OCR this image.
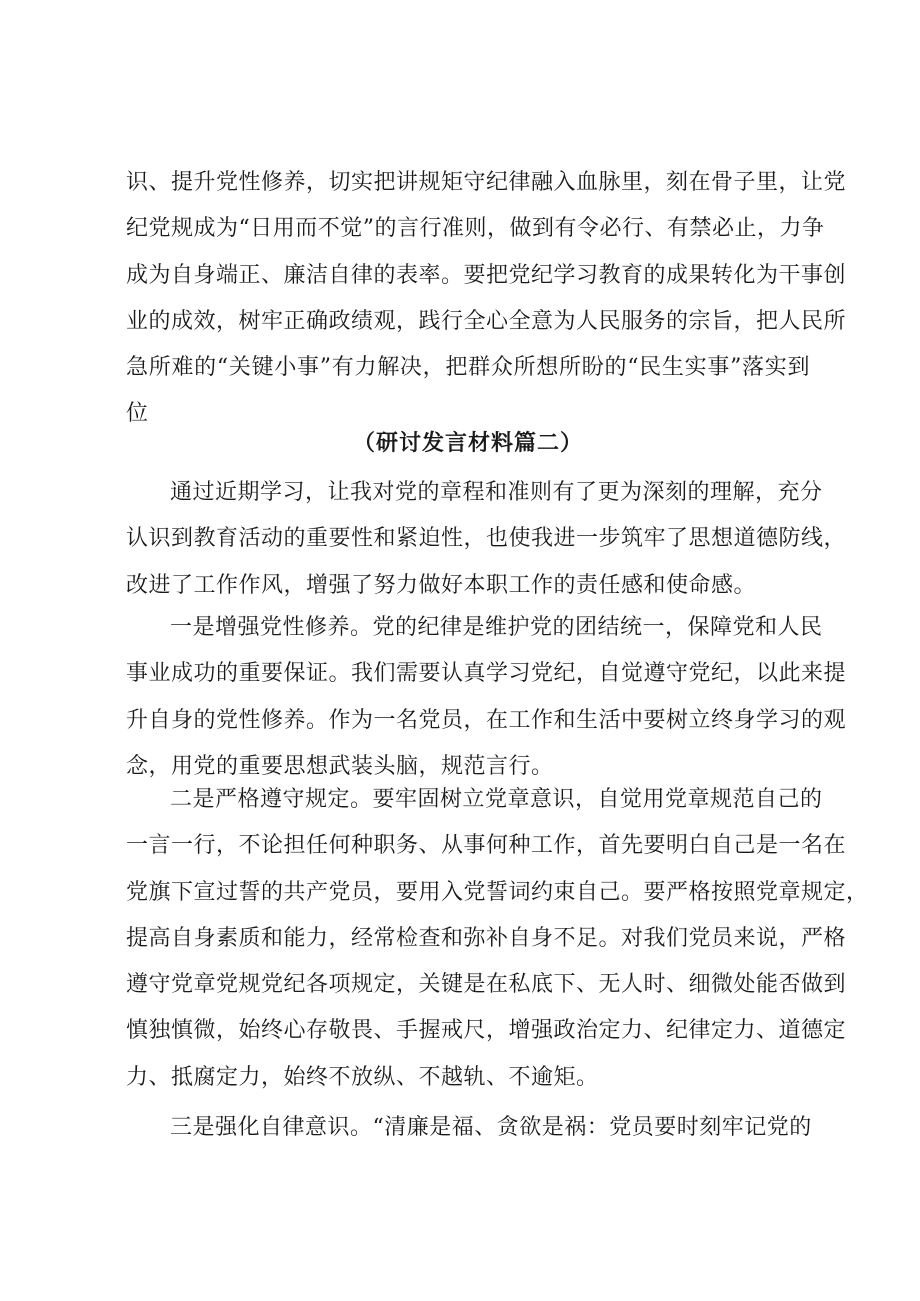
识、提升党性修养，切实把讲规矩守纪律融入血脉里，刻在骨子里，让党
纪党规成为“日用而不觉”的言行准则，做到有令必行、有禁必止，力争
成为自身端正、廉洁自律的表率。要把党纪学习教育的成果转化为干事创
业的成效，树牢正确政绩观，践行全心全意为人民服务的宗旨，把人民所
急所难的“关键小事”有力解决，把群众所想所盼的“民生实事”落实到
位
（研讨发言材料篇二）
通过近期学习，让我对党的章程和准则有了更为深刻的理解，充分
认识到教育活动的重要性和紧迫性，也使我进一步筑牢了思想道德防线，
改进了工作作风，增强了努力做好本职工作的责任感和使命感。
一是增强党性修养。党的纪律是维护党的团结统一，保障党和人民
事业成功的重要保证。我们需要认真学习党纪，自觉遵守党纪，以此来提
升自身的党性修养。作为一名党员，在工作和生活中要树立终身学习的观
念，用党的重要思想武装头脑，规范言行。
二是严格遵守规定。要牢固树立党章意识，自觉用党章规范自己的
一言一行，不论担任何种职务、从事何种工作，首先要明白自己是一名在
党旗下宣过誓的共产党员，要用入党誓词约束自己。要严格按照党章规定，
提高自身素质和能力，经常检查和弥补自身不足。对我们党员来说，严格
遵守党章党规党纪各项规定，关键是在私底下、无人时、细微处能否做到
慎独慎微，始终心存敬畏、手握戒尺，增强政治定力、纪律定力、道德定
力、抵腐定力，始终不放纵、不越轨、不逾矩。
三是强化自律意识。“清廉是福、贪欲是祸：党员要时刻牢记党的
